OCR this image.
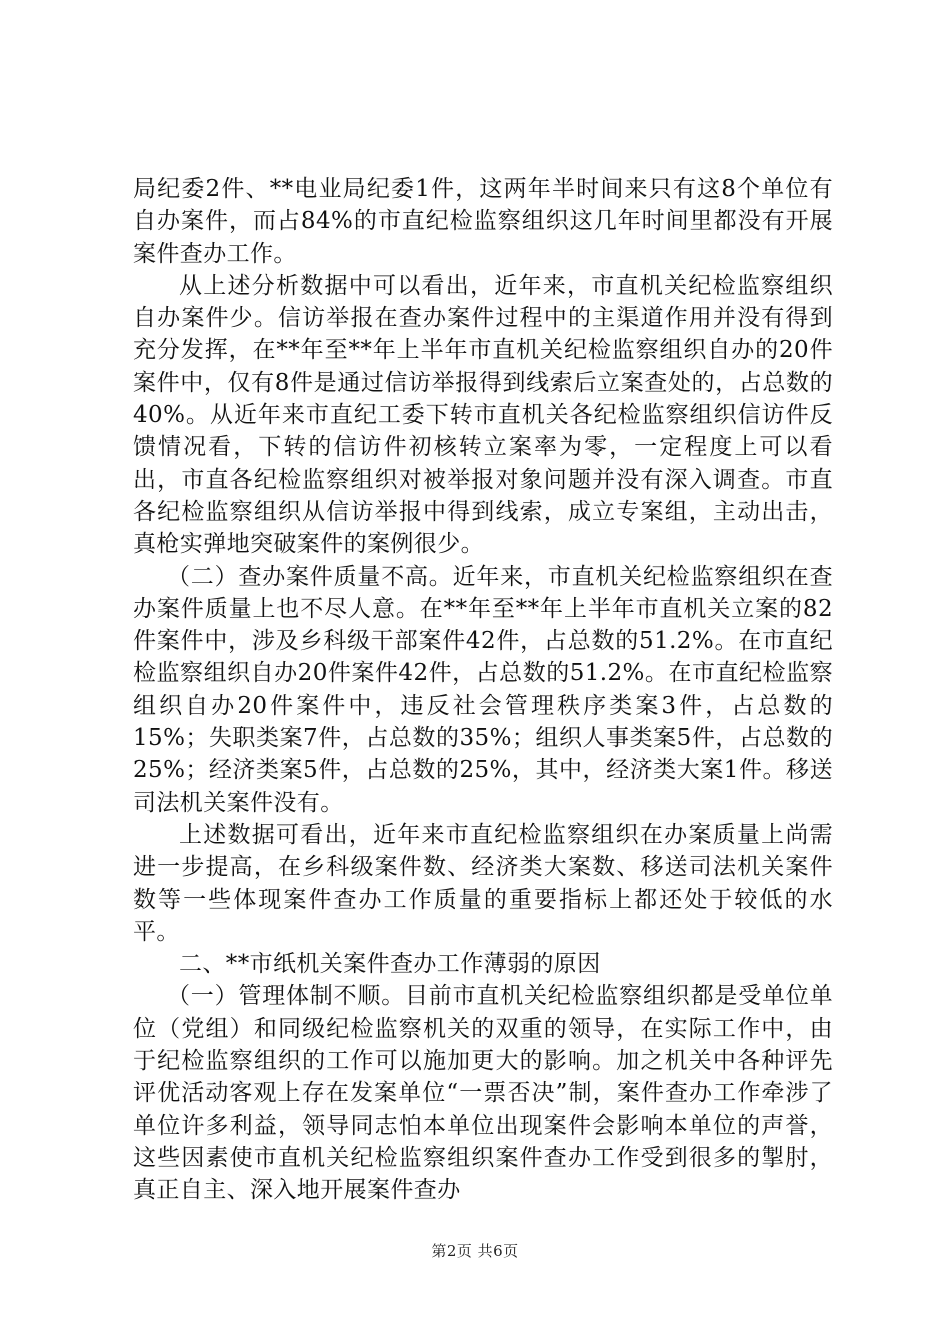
局纪委2件、**电业局纪委1件，这两年半时间来只有这8个单位有自办案件，而占84%的市直纪检监察组织这几年时间里都没有开展案件查办工作。

从上述分析数据中可以看出，近年来，市直机关纪检监察组织自办案件少。信访举报在查办案件过程中的主渠道作用并没有得到充分发挥，在**年至**年上半年市直机关纪检监察组织自办的20件案件中，仅有8件是通过信访举报得到线索后立案查处的，占总数的40%。从近年来市直纪工委下转市直机关各纪检监察组织信访件反馈情况看，下转的信访件初核转立案率为零，一定程度上可以看出，市直各纪检监察组织对被举报对象问题并没有深入调查。市直各纪检监察组织从信访举报中得到线索，成立专案组，主动出击，真枪实弹地突破案件的案例很少。

（二）查办案件质量不高。近年来，市直机关纪检监察组织在查办案件质量上也不尽人意。在**年至**年上半年市直机关立案的82件案件中，涉及乡科级干部案件42件，占总数的51.2%。在市直纪检监察组织自办20件案件42件，占总数的51.2%。在市直纪检监察组织自办20件案件中，违反社会管理秩序类案3件，占总数的15%；失职类案7件，占总数的35%；组织人事类案5件，占总数的25%；经济类案5件，占总数的25%，其中，经济类大案1件。移送司法机关案件没有。

上述数据可看出，近年来市直纪检监察组织在办案质量上尚需进一步提高，在乡科级案件数、经济类大案数、移送司法机关案件数等一些体现案件查办工作质量的重要指标上都还处于较低的水平。

二、**市纸机关案件查办工作薄弱的原因

（一）管理体制不顺。目前市直机关纪检监察组织都是受单位单位（党组）和同级纪检监察机关的双重的领导，在实际工作中，由于纪检监察组织的工作可以施加更大的影响。加之机关中各种评先评优活动客观上存在发案单位“一票否决”制，案件查办工作牵涉了单位许多利益，领导同志怕本单位出现案件会影响本单位的声誉，这些因素使市直机关纪检监察组织案件查办工作受到很多的掣肘，真正自主、深入地开展案件查办

第2页 共6页
